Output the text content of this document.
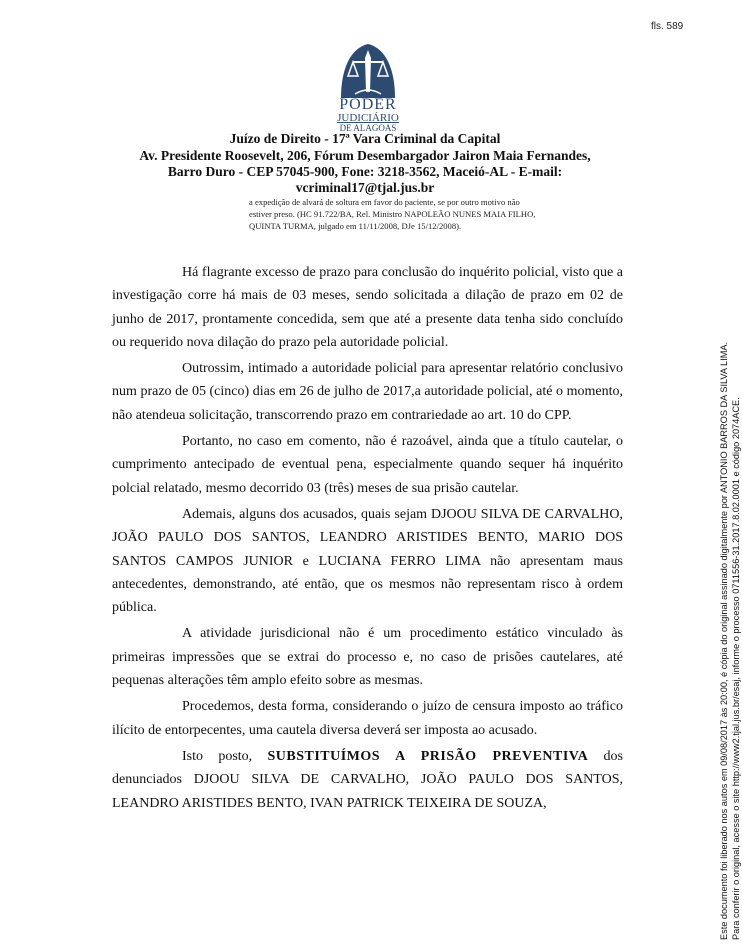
fls. 589
PODER
JUDICIÁRIO
DE ALAGOAS
Juízo de Direito - 17ª Vara Criminal da Capital
Av. Presidente Roosevelt, 206, Fórum Desembargador Jairon Maia Fernandes,
Barro Duro - CEP 57045-900, Fone: 3218-3562, Maceió-AL - E-mail:
vcriminal17@tjal.jus.br
a expedição de alvará de soltura em favor do paciente, se por outro motivo não
estiver preso. (HC 91.722/BA, Rel. Ministro NAPOLEÃO NUNES MAIA FILHO,
QUINTA TURMA, julgado em 11/11/2008, DJe 15/12/2008).

Há flagrante excesso de prazo para conclusão do inquérito policial, visto que a investigação corre há mais de 03 meses, sendo solicitada a dilação de prazo em 02 de junho de 2017, prontamente concedida, sem que até a presente data tenha sido concluído ou requerido nova dilação do prazo pela autoridade policial.

Outrossim, intimado a autoridade policial para apresentar relatório conclusivo num prazo de 05 (cinco) dias em 26 de julho de 2017,a autoridade policial, até o momento, não atendeua solicitação, transcorrendo prazo em contrariedade ao art. 10 do CPP.

Portanto, no caso em comento, não é razoável, ainda que a título cautelar, o cumprimento antecipado de eventual pena, especialmente quando sequer há inquérito polcial relatado, mesmo decorrido 03 (três) meses de sua prisão cautelar.

Ademais, alguns dos acusados, quais sejam DJOOU SILVA DE CARVALHO, JOÃO PAULO DOS SANTOS, LEANDRO ARISTIDES BENTO, MARIO DOS SANTOS CAMPOS JUNIOR e LUCIANA FERRO LIMA não apresentam maus antecedentes, demonstrando, até então, que os mesmos não representam risco à ordem pública.

A atividade jurisdicional não é um procedimento estático vinculado às primeiras impressões que se extrai do processo e, no caso de prisões cautelares, até pequenas alterações têm amplo efeito sobre as mesmas.

Procedemos, desta forma, considerando o juízo de censura imposto ao tráfico ilícito de entorpecentes, uma cautela diversa deverá ser imposta ao acusado.

Isto posto, SUBSTITUÍMOS A PRISÃO PREVENTIVA dos denunciados DJOOU SILVA DE CARVALHO, JOÃO PAULO DOS SANTOS, LEANDRO ARISTIDES BENTO, IVAN PATRICK TEIXEIRA DE SOUZA,	Este documento foi liberado nos autos em 09/08/2017 às 20:00, é cópia do original assinado digitalmente por ANTONIO BARROS DA SILVA LIMA. Para conferir o original, acesse o site http://www2.tjal.jus.br/esaj, informe o processo 0711556-31.2017.8.02.0001 e código 2074ACE.
